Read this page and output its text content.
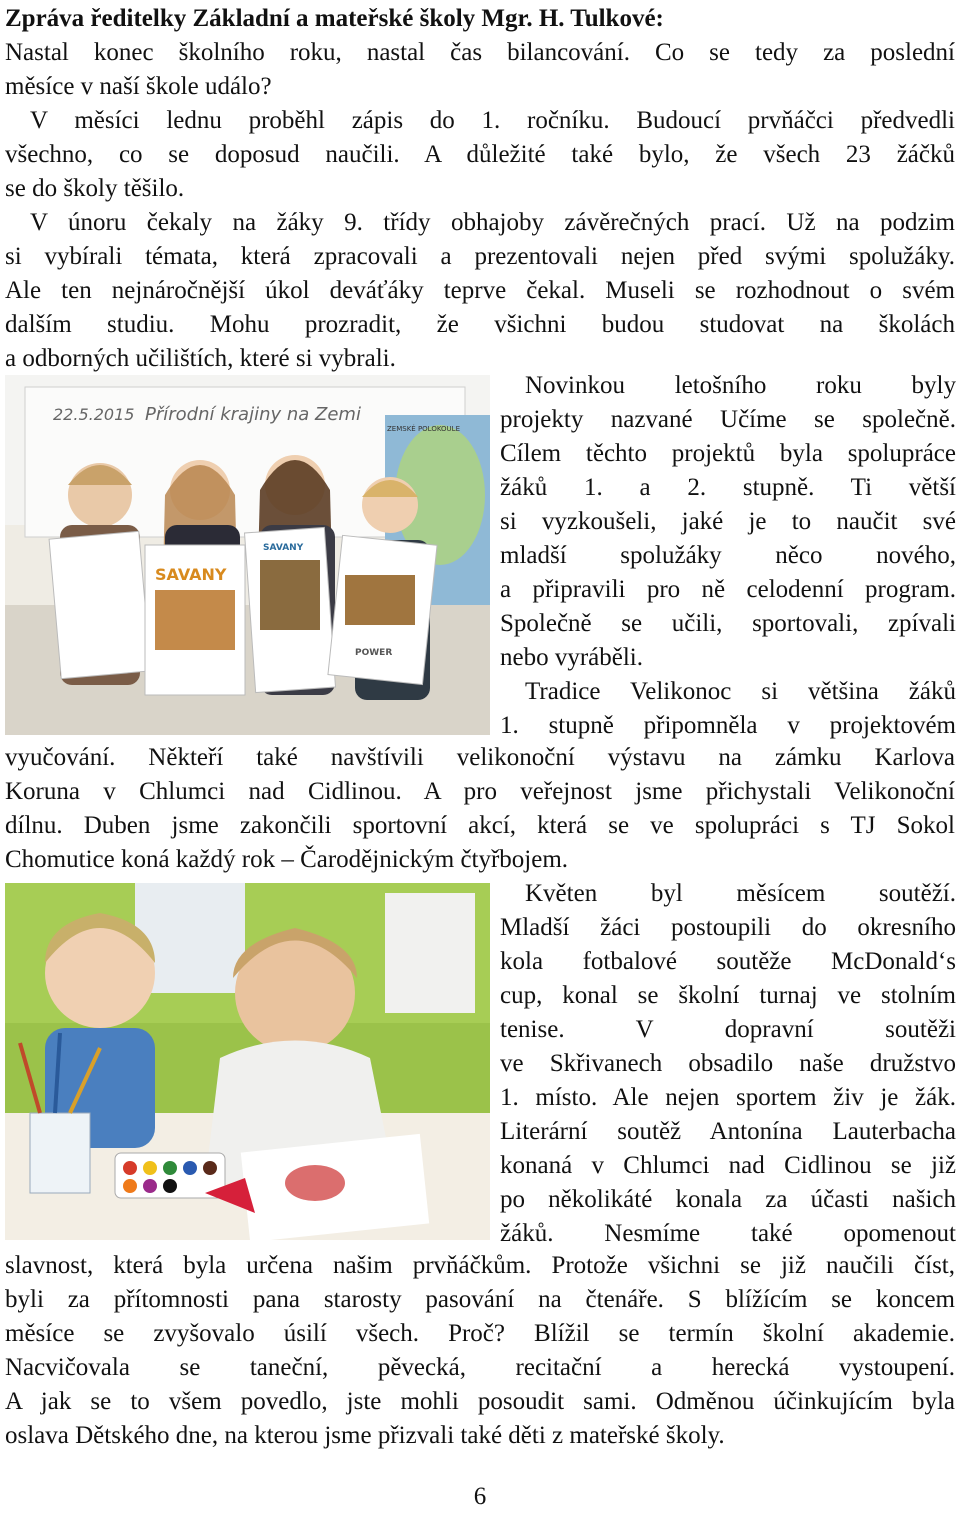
Zpráva ředitelky Základní a mateřské školy Mgr. H. Tulkové:
Nastal konec školního roku, nastal čas bilancování. Co se tedy za poslední
měsíce v naší škole událo?
 V měsíci lednu proběhl zápis do 1. ročníku. Budoucí prvňáčci předvedli
všechno, co se doposud naučili. A důležité také bylo, že všech 23 žáčků
se do školy těšilo.
 V únoru čekaly na žáky 9. třídy obhajoby závěrečných prací. Už na podzim
si vybírali témata, která zpracovali a prezentovali nejen před svými spolužáky.
Ale ten nejnáročnější úkol deváťáky teprve čekal. Museli se rozhodnout o svém
dalším studiu. Mohu prozradit, že všichni budou studovat na školách
a odborných učilištích, které si vybrali.
22.5.2015 Přírodní krajiny na Zemi
ZEMSKÉ POLOKOULE
SAVANY
SAVANY
POWER
 Novinkou letošního roku byly
projekty nazvané Učíme se společně.
Cílem těchto projektů byla spolupráce
žáků 1. a 2. stupně. Ti větší
si vyzkoušeli, jaké je to naučit své
mladší spolužáky něco nového,
a připravili pro ně celodenní program.
Společně se učili, sportovali, zpívali
nebo vyráběli.
 Tradice Velikonoc si většina žáků
1. stupně připomněla v projektovém
vyučování. Někteří také navštívili velikonoční výstavu na zámku Karlova
Koruna v Chlumci nad Cidlinou. A pro veřejnost jsme přichystali Velikonoční
dílnu. Duben jsme zakončili sportovní akcí, která se ve spolupráci s TJ Sokol
Chomutice koná každý rok – Čarodějnickým čtyřbojem.
 Květen byl měsícem soutěží.
Mladší žáci postoupili do okresního
kola fotbalové soutěže McDonald‘s
cup, konal se školní turnaj ve stolním
tenise. V dopravní soutěži
ve Skřivanech obsadilo naše družstvo
1. místo. Ale nejen sportem živ je žák.
Literární soutěž Antonína Lauterbacha
konaná v Chlumci nad Cidlinou se již
po několikáté konala za účasti našich
žáků. Nesmíme také opomenout
slavnost, která byla určena našim prvňáčkům. Protože všichni se již naučili číst,
byli za přítomnosti pana starosty pasování na čtenáře. S blížícím se koncem
měsíce se zvyšovalo úsilí všech. Proč? Blížil se termín školní akademie.
Nacvičovala se taneční, pěvecká, recitační a herecká vystoupení.
A jak se to všem povedlo, jste mohli posoudit sami. Odměnou účinkujícím byla
oslava Dětského dne, na kterou jsme přizvali také děti z mateřské školy.
6
